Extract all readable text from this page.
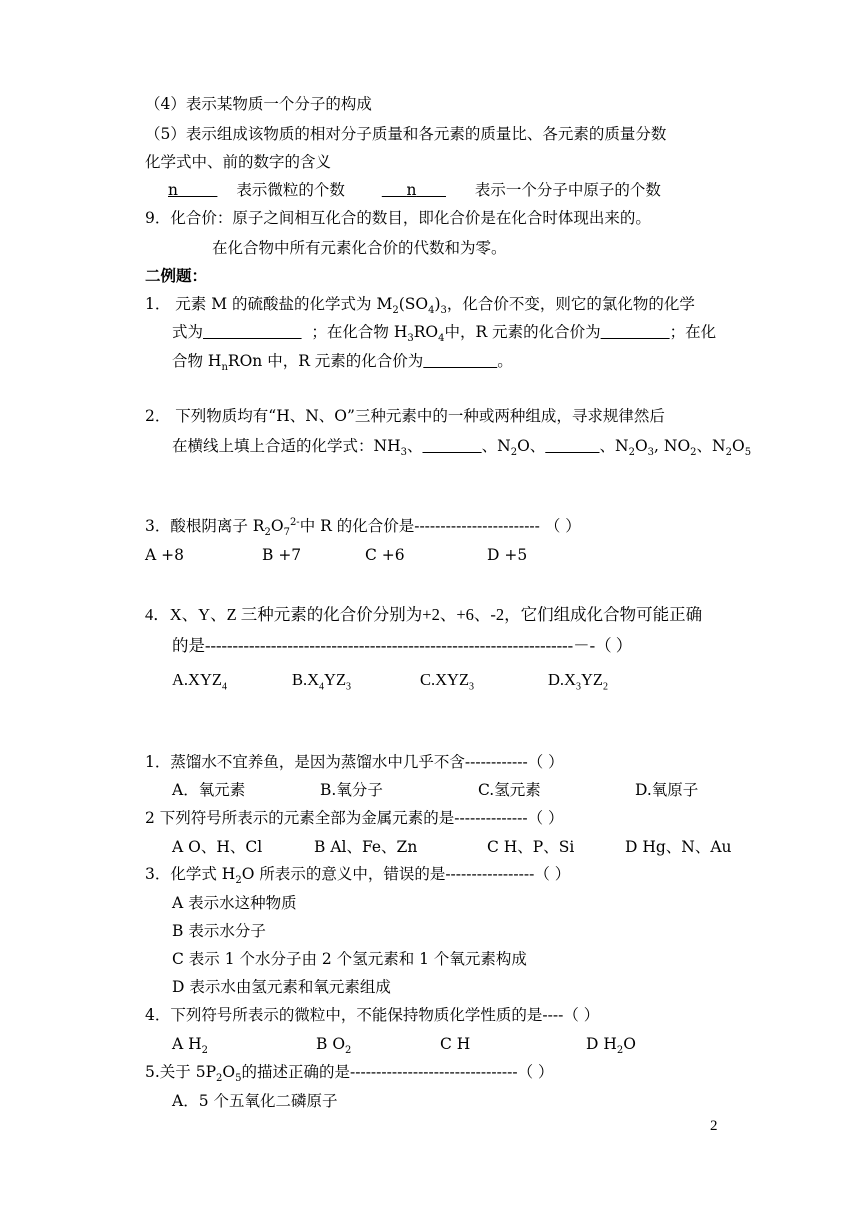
（4）表示某物质一个分子的构成
（5）表示组成该物质的相对分子质量和各元素的质量比、各元素的质量分数
化学式中、前的数字的含义
n	表示微粒的个数	n	表示一个分子中原子的个数
9．化合价：原子之间相互化合的数目，即化合价是在化合时体现出来的。
在化合物中所有元素化合价的代数和为零。
二例题：
1． 元素 M 的硫酸盐的化学式为 $M_2(SO_4)_3$，化合价不变，则它的氯化物的化学
式为	；在化合物 $H_3RO_4$中，R 元素的化合价为	；在化
合物 $H_nROn$ 中，R 元素的化合价为	。
2． 下列物质均有“H、N、O”三种元素中的一种或两种组成，寻求规律然后
在横线上填上合适的化学式：$NH_3$、	、$N_2O$、	、$N_2O_3$, $NO_2$、$N_2O_5$
3．酸根阴离子 $R_2O_7^{2-}$中 R 的化合价是------------------------ （ ）
A +8	B +7	C +6	D +5
4．X、Y、Z 三种元素的化合价分别为+2、+6、-2，它们组成化合物可能正确
的是-------------------------------------------------------------------－-（ ）
$A.XYZ_4$	$B.X_4YZ_3$	$C.XYZ_3$	$D.X_3YZ_2$
1．蒸馏水不宜养鱼，是因为蒸馏水中几乎不含------------（ ）
A．氧元素	B.氧分子	C.氢元素	D.氧原子
2 下列符号所表示的元素全部为金属元素的是--------------（ ）
A O、H、Cl	B Al、Fe、Zn	C H、P、Si	D Hg、N、Au
3．化学式 $H_2O$ 所表示的意义中，错误的是-----------------（ ）
A 表示水这种物质
B 表示水分子
C 表示 1 个水分子由 2 个氢元素和 1 个氧元素构成
D 表示水由氢元素和氧元素组成
4．下列符号所表示的微粒中，不能保持物质化学性质的是----（ ）
A $H_2$	B $O_2$	C H	D $H_2O$
5.关于 $5P_2O_5$的描述正确的是--------------------------------（ ）
A．5 个五氧化二磷原子
2
